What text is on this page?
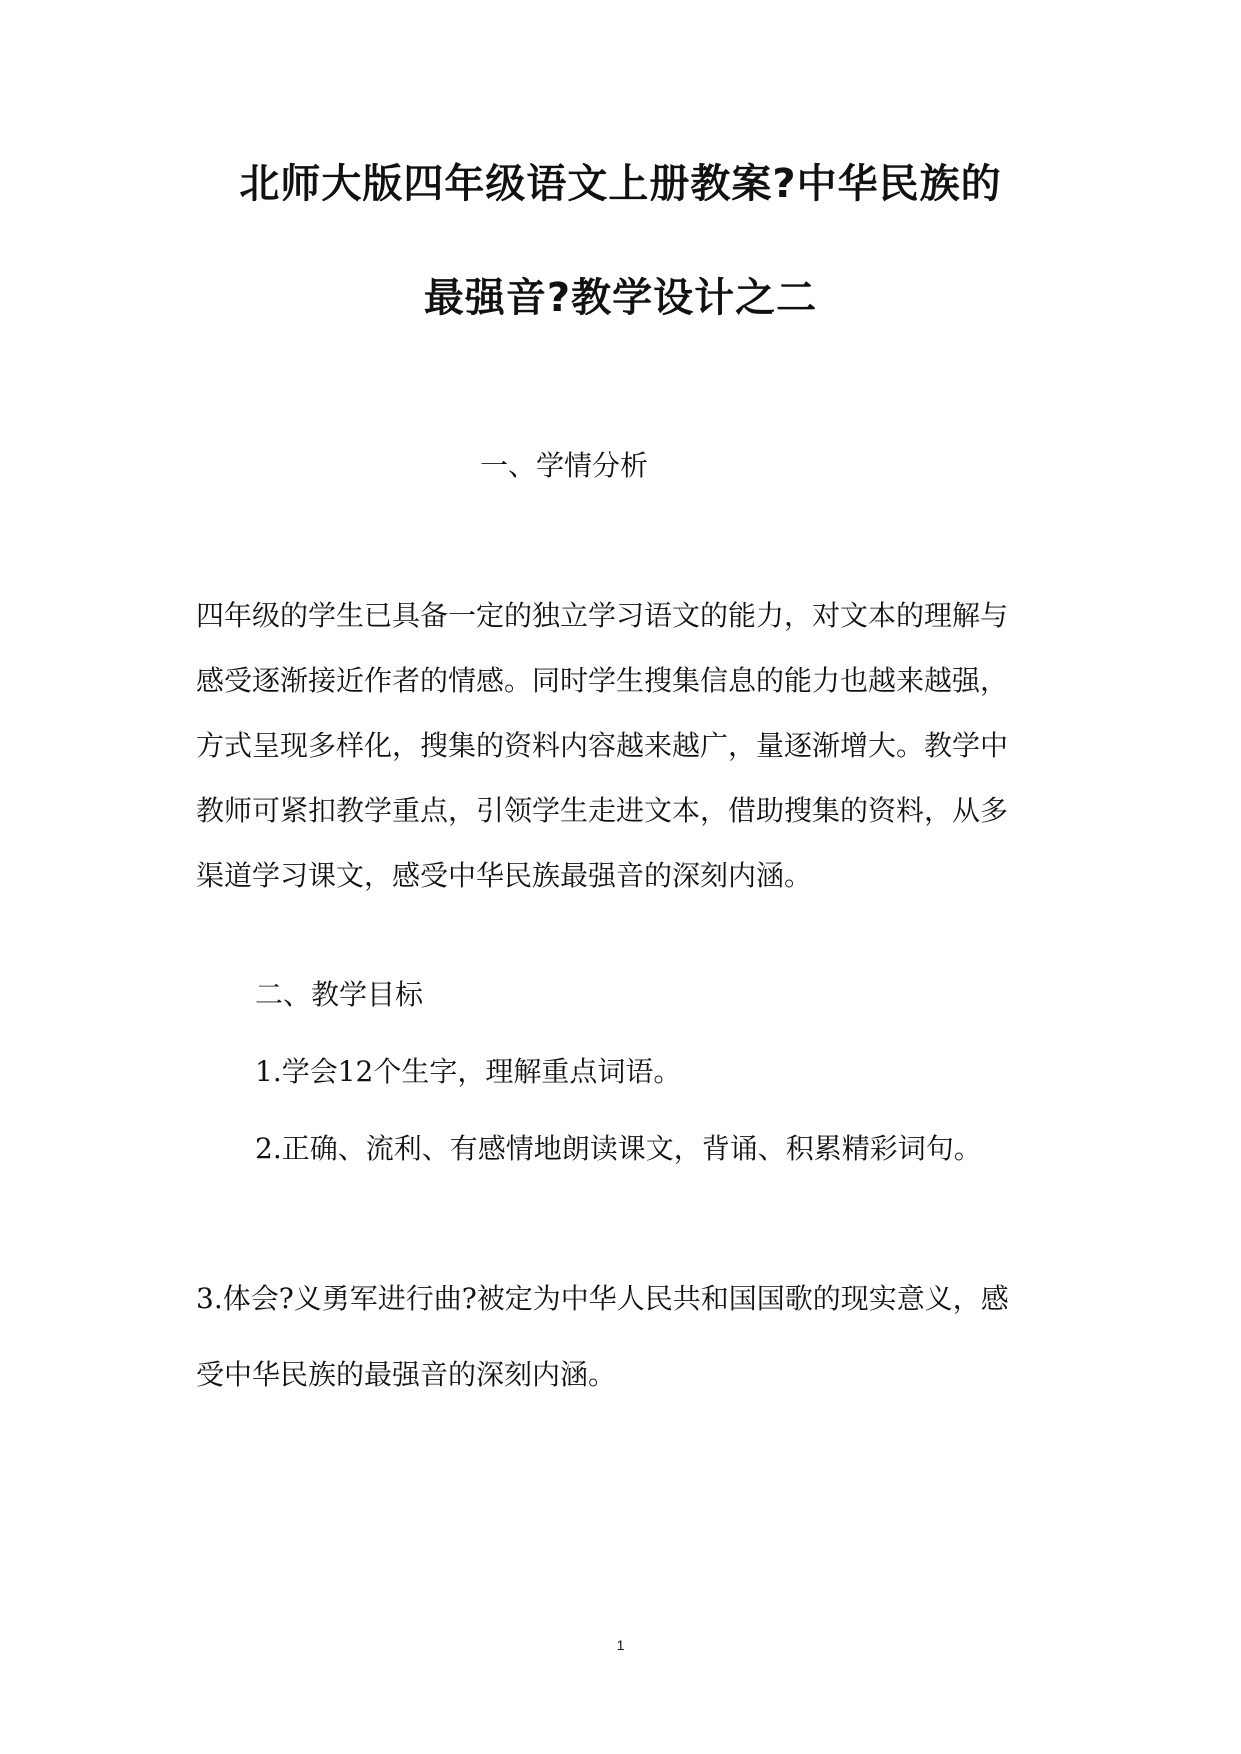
北师大版四年级语文上册教案?中华民族的
最强音?教学设计之二
一、学情分析
四年级的学生已具备一定的独立学习语文的能力，对文本的理解与
感受逐渐接近作者的情感。同时学生搜集信息的能力也越来越强，
方式呈现多样化，搜集的资料内容越来越广，量逐渐增大。教学中
教师可紧扣教学重点，引领学生走进文本，借助搜集的资料，从多
渠道学习课文，感受中华民族最强音的深刻内涵。
二、教学目标
1.学会12个生字，理解重点词语。
2.正确、流利、有感情地朗读课文，背诵、积累精彩词句。
3.体会?义勇军进行曲?被定为中华人民共和国国歌的现实意义，感
受中华民族的最强音的深刻内涵。
1
